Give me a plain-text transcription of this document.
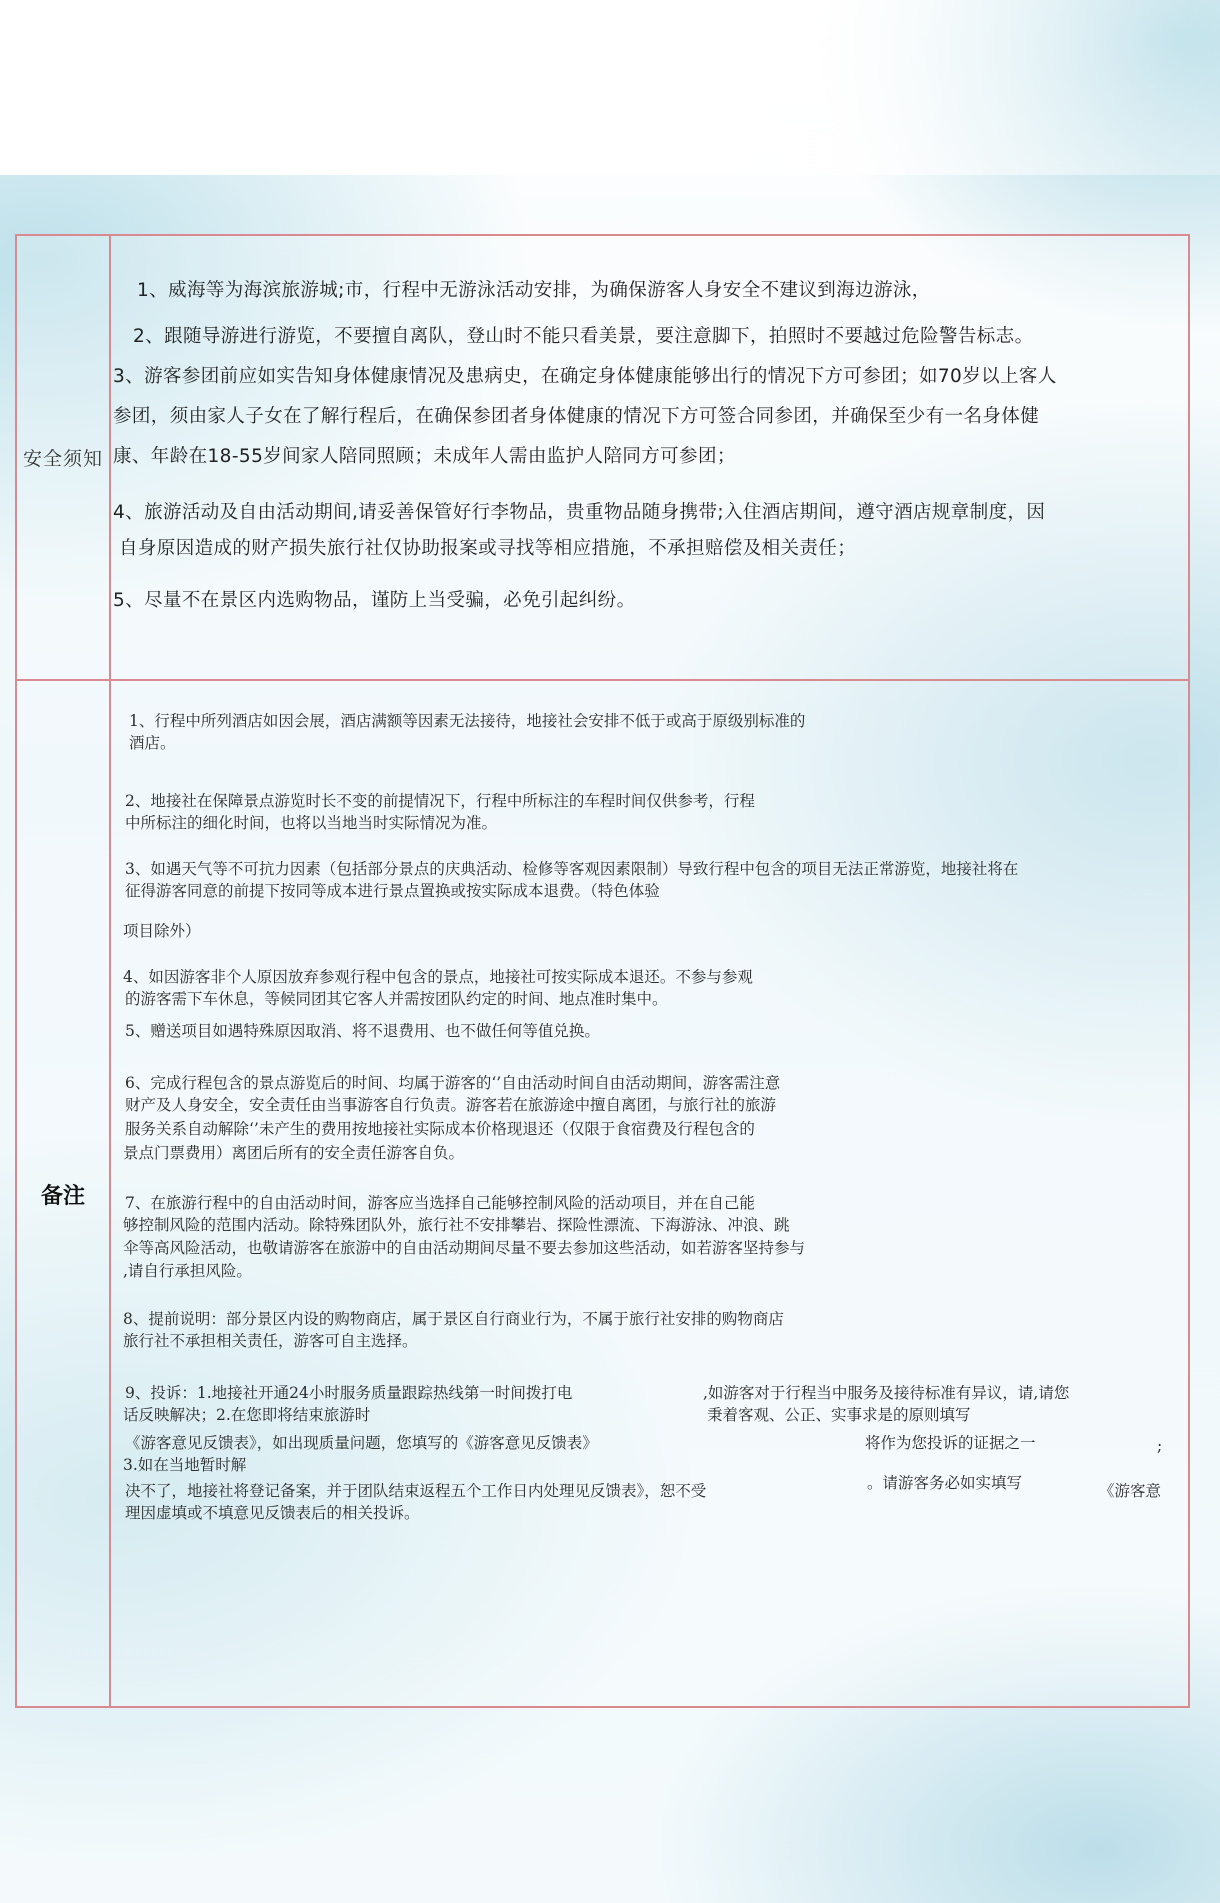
安全须知

1、威海等为海滨旅游城;市，行程中无游泳活动安排，为确保游客人身安全不建议到海边游泳，

2、跟随导游进行游览，不要擅自离队，登山时不能只看美景，要注意脚下，拍照时不要越过危险警告标志。

3、游客参团前应如实告知身体健康情况及患病史，在确定身体健康能够出行的情况下方可参团；如70岁以上客人

参团，须由家人子女在了解行程后，在确保参团者身体健康的情况下方可签合同参团，并确保至少有一名身体健

康、年龄在18-55岁间家人陪同照顾；未成年人需由监护人陪同方可参团；

4、旅游活动及自由活动期间,请妥善保管好行李物品，贵重物品随身携带;入住酒店期间，遵守酒店规章制度，因

自身原因造成的财产损失旅行社仅协助报案或寻找等相应措施，不承担赔偿及相关责任；

5、尽量不在景区内选购物品，谨防上当受骗，必免引起纠纷。

备注

1、行程中所列酒店如因会展，酒店满额等因素无法接待，地接社会安排不低于或高于原级别标准的

酒店。

2、地接社在保障景点游览时长不变的前提情况下，行程中所标注的车程时间仅供参考，行程

中所标注的细化时间，也将以当地当时实际情况为准。

3、如遇天气等不可抗力因素（包括部分景点的庆典活动、检修等客观因素限制）导致行程中包含的项目无法正常游览，地接社将在

征得游客同意的前提下按同等成本进行景点置换或按实际成本退费。（特色体验

项目除外）

4、如因游客非个人原因放弃参观行程中包含的景点，地接社可按实际成本退还。不参与参观

的游客需下车休息，等候同团其它客人并需按团队约定的时间、地点准时集中。

5、赠送项目如遇特殊原因取消、将不退费用、也不做任何等值兑换。

6、完成行程包含的景点游览后的时间、均属于游客的‘’自由活动时间自由活动期间，游客需注意

财产及人身安全，安全责任由当事游客自行负责。游客若在旅游途中擅自离团，与旅行社的旅游

服务关系自动解除‘’未产生的费用按地接社实际成本价格现退还（仅限于食宿费及行程包含的

景点门票费用）离团后所有的安全责任游客自负。

7、在旅游行程中的自由活动时间，游客应当选择自己能够控制风险的活动项目，并在自己能

够控制风险的范围内活动。除特殊团队外，旅行社不安排攀岩、探险性漂流、下海游泳、冲浪、跳

伞等高风险活动，也敬请游客在旅游中的自由活动期间尽量不要去参加这些活动，如若游客坚持参与

,请自行承担风险。

8、提前说明：部分景区内设的购物商店，属于景区自行商业行为，不属于旅行社安排的购物商店

旅行社不承担相关责任，游客可自主选择。

9、投诉：1.地接社开通24小时服务质量跟踪热线第一时间拨打电	,如游客对于行程当中服务及接待标准有异议，请,请您

话反映解决；2.在您即将结束旅游时	秉着客观、公正、实事求是的原则填写

《游客意见反馈表》，如出现质量问题，您填写的《游客意见反馈表》	将作为您投诉的证据之一	;

3.如在当地暂时解

。请游客务必如实填写

决不了，地接社将登记备案，并于团队结束返程五个工作日内处理见反馈表》，恕不受	《游客意

理因虚填或不填意见反馈表后的相关投诉。
